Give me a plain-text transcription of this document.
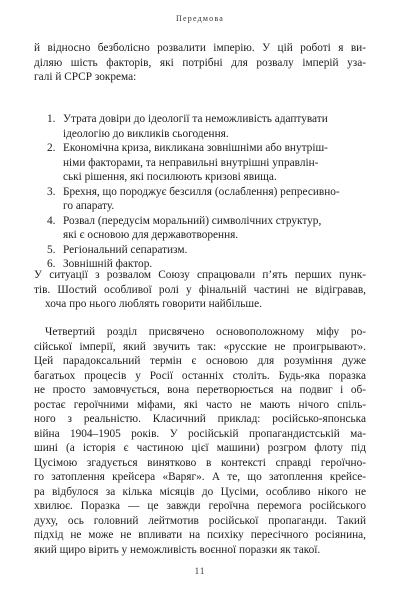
Передмова
й відносно безболісно розвалити імперію. У цій роботі я ви-
діляю шість факторів, які потрібні для розвалу імперій уза-
галі й СРСР зокрема:
1. Утрата довіри до ідеології та неможливість адаптувати
ідеологію до викликів сьогодення.
2. Економічна криза, викликана зовнішніми або внутріш-
німи факторами, та неправильні внутрішні управлін-
ські рішення, які посилюють кризові явища.
3. Брехня, що породжує безсилля (ослаблення) репресивно-
го апарату.
4. Розвал (передусім моральний) символічних структур,
які є основою для державотворення.
5. Регіональний сепаратизм.
6. Зовнішній фактор.
У ситуації з розвалом Союзу спрацювали п’ять перших пунк-
тів. Шостий особливої ролі у фінальній частині не відігравав,
хоча про нього люблять говорити найбільше.
Четвертий розділ присвячено основоположному міфу ро-
сійської імперії, який звучить так: «русские не проигрывают».
Цей парадоксальний термін є основою для розуміння дуже
багатьох процесів у Росії останніх століть. Будь-яка поразка
не просто замовчується, вона перетворюється на подвиг і об-
ростає героїчними міфами, які часто не мають нічого спіль-
ного з реальністю. Класичний приклад: російсько-японська
війна 1904–1905 років. У російській пропагандистській ма-
шині (а історія є частиною цієї машини) розгром флоту під
Цусімою згадується винятково в контексті справді героїчно-
го затоплення крейсера «Варяг». А те, що затоплення крейсе-
ра відбулося за кілька місяців до Цусіми, особливо нікого не
хвилює. Поразка — це завжди героїчна перемога російського
духу, ось головний лейтмотив російської пропаганди. Такий
підхід не може не впливати на психіку пересічного росіянина,
який щиро вірить у неможливість воєнної поразки як такої.
11
